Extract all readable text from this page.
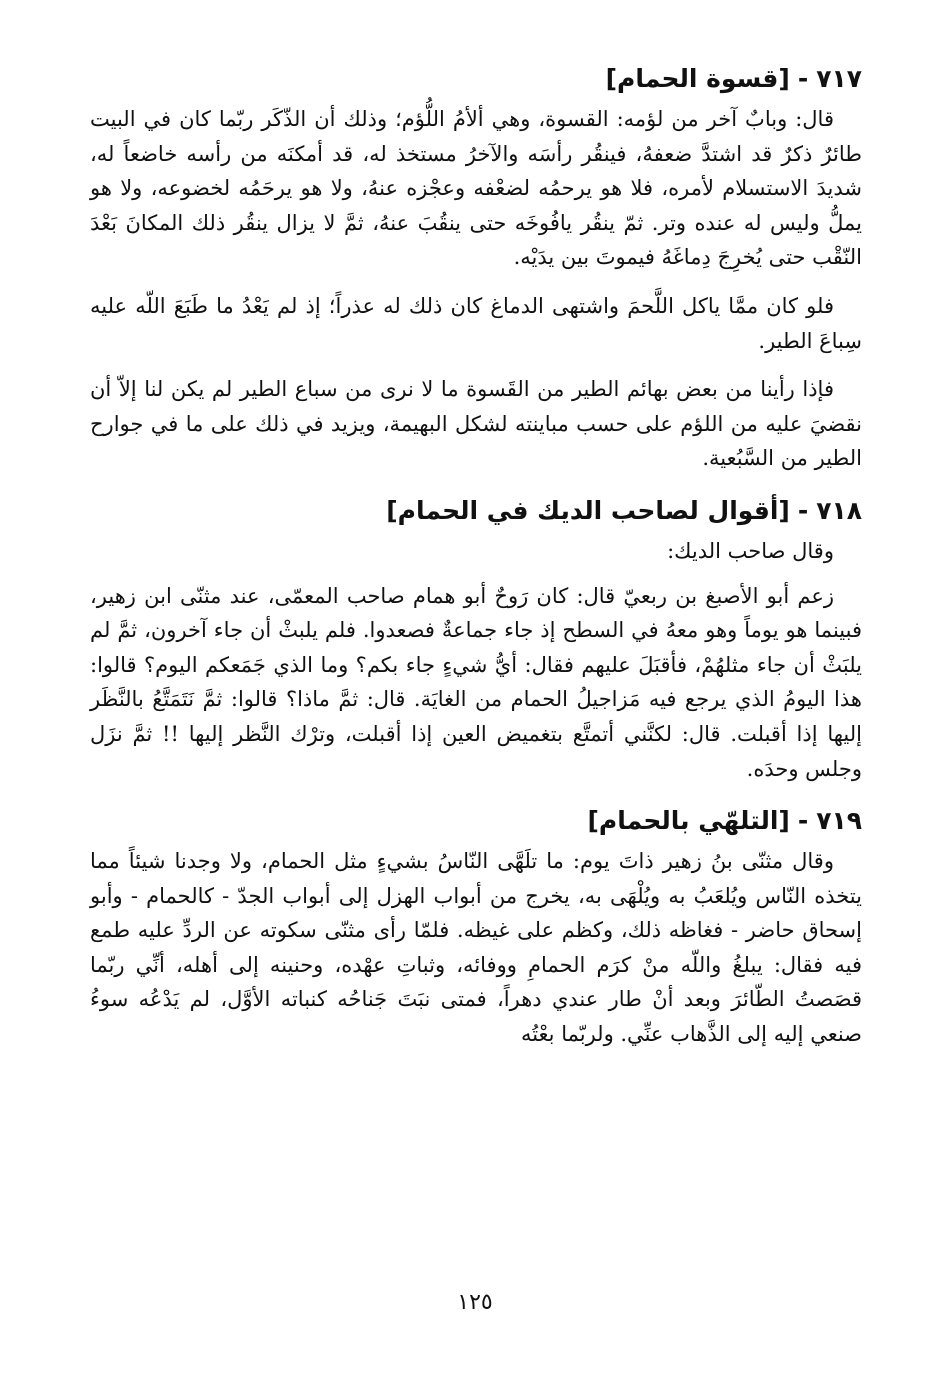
٧١٧-[قسوة الحمام]

قال: وبابٌ آخر من لؤمه: القسوة، وهي ألأمُ اللُّؤم؛ وذلك أن الذّكَر ربّما كان في البيت طائرٌ ذكرٌ قد اشتدَّ ضعفهُ، فينقُر رأسَه والآخرُ مستخذ له، قد أمكنَه من رأسه خاضعاً له، شديدَ الاستسلام لأمره، فلا هو يرحمُه لضعْفه وعجْزه عنهُ، ولا هو يرحَمُه لخضوعه، ولا هو يملُّ وليس له عنده وتر. ثمّ ينقُر يافُوخَه حتى ينقُبَ عنهُ، ثمَّ لا يزال ينقُر ذلك المكانَ بَعْدَ النّقْب حتى يُخرِجَ دِماغَهُ فيموتَ بين يدَيْه.

فلو كان ممَّا ياكل اللَّحمَ واشتهى الدماغ كان ذلك له عذراً؛ إذ لم يَعْدُ ما طَبَعَ اللّه عليه سِباعَ الطير.

فإذا رأينا من بعض بهائم الطير من القَسوة ما لا نرى من سباع الطير لم يكن لنا إلاّ أن نقضيَ عليه من اللؤم على حسب مباينته لشكل البهيمة، ويزيد في ذلك على ما في جوارح الطير من السَّبُعية.

٧١٨-[أقوال لصاحب الديك في الحمام]

وقال صاحب الديك:

زعم أبو الأصبغ بن ربعيّ قال: كان رَوحٌ أبو همام صاحب المعمّى، عند مثنّى ابن زهير، فبينما هو يوماً وهو معهُ في السطح إذ جاء جماعةٌ فصعدوا. فلم يلبثْ أن جاء آخرون، ثمَّ لم يلبَثْ أن جاء مثلهُمْ، فأقبَلَ عليهم فقال: أيُّ شيءٍ جاء بكم؟ وما الذي جَمَعكم اليوم؟ قالوا: هذا اليومُ الذي يرجع فيه مَزاجيلُ الحمام من الغايَة. قال: ثمَّ ماذا؟ قالوا: ثمَّ نَتَمَتَّعُ بالنَّظَر إليها إذا أقبلت. قال: لكنَّني أتمتَّع بتغميض العين إذا أقبلت، وترْك النَّظر إليها !! ثمَّ نزَل وجلس وحدَه.

٧١٩-[التلهّي بالحمام]

وقال مثنّى بنُ زهير ذاتَ يوم: ما تلَهَّى النّاسُ بشيءٍ مثل الحمام، ولا وجدنا شيئاً مما يتخذه النّاس ويُلعَبُ به ويُلْهَى به، يخرج من أبواب الهزل إلى أبواب الجدّ - كالحمام - وأبو إسحاق حاضر - فغاظه ذلك، وكظم على غيظه. فلمّا رأى مثنّى سكوته عن الردِّ عليه طمع فيه فقال: يبلغُ واللّه منْ كرَم الحمامِ ووفائه، وثباتِ عهْده، وحنينه إلى أهله، أنِّي ربّما قصَصتُ الطّائرَ وبعد أنْ طار عندي دهراً، فمتى نبَتَ جَناحُه كنباته الأوَّل، لم يَدْعُه سوءُ صنعي إليه إلى الذَّهاب عنِّي. ولربّما بعْتُه

١٢٥
